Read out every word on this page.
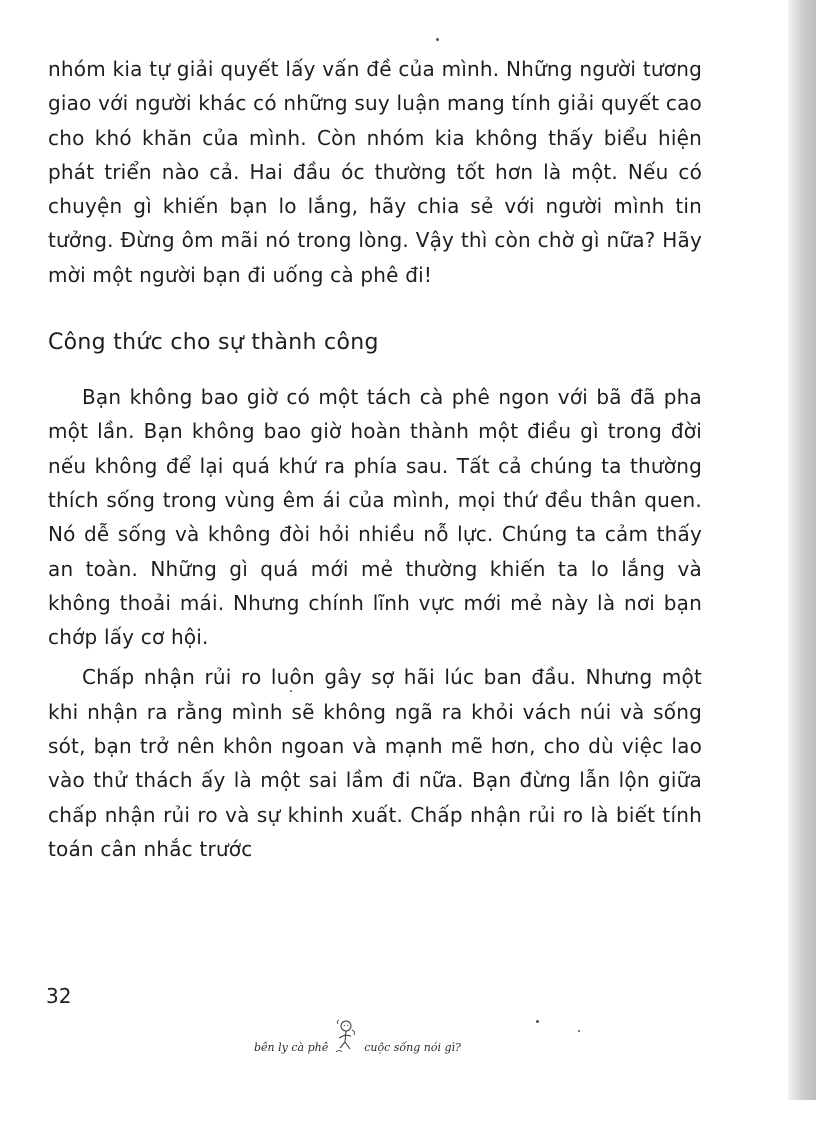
nhóm kia tự giải quyết lấy vấn đề của mình. Những người tương giao với người khác có những suy luận mang tính giải quyết cao cho khó khăn của mình. Còn nhóm kia không thấy biểu hiện phát triển nào cả. Hai đầu óc thường tốt hơn là một. Nếu có chuyện gì khiến bạn lo lắng, hãy chia sẻ với người mình tin tưởng. Đừng ôm mãi nó trong lòng. Vậy thì còn chờ gì nữa? Hãy mời một người bạn đi uống cà phê đi!

Công thức cho sự thành công

Bạn không bao giờ có một tách cà phê ngon với bã đã pha một lần. Bạn không bao giờ hoàn thành một điều gì trong đời nếu không để lại quá khứ ra phía sau. Tất cả chúng ta thường thích sống trong vùng êm ái của mình, mọi thứ đều thân quen. Nó dễ sống và không đòi hỏi nhiều nỗ lực. Chúng ta cảm thấy an toàn. Những gì quá mới mẻ thường khiến ta lo lắng và không thoải mái. Nhưng chính lĩnh vực mới mẻ này là nơi bạn chớp lấy cơ hội.

Chấp nhận rủi ro luôn gây sợ hãi lúc ban đầu. Nhưng một khi nhận ra rằng mình sẽ không ngã ra khỏi vách núi và sống sót, bạn trở nên khôn ngoan và mạnh mẽ hơn, cho dù việc lao vào thử thách ấy là một sai lầm đi nữa. Bạn đừng lẫn lộn giữa chấp nhận rủi ro và sự khinh xuất. Chấp nhận rủi ro là biết tính toán cân nhắc trước

32
bên ly cà phê	cuộc sống nói gì?
